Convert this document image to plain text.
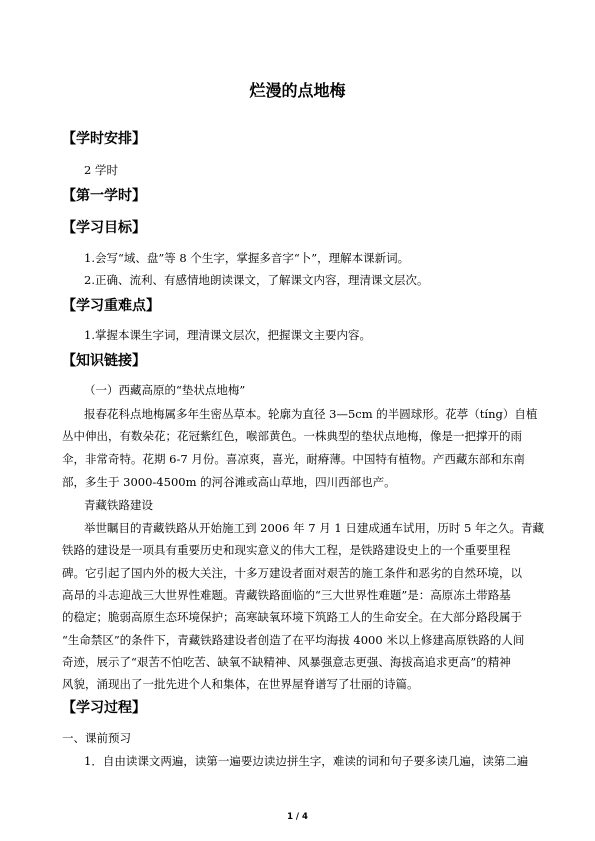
烂漫的点地梅
【学时安排】
2 学时
【第一学时】
【学习目标】
1.会写“域、盘”等 8 个生字，掌握多音字“卜”，理解本课新词。
2.正确、流利、有感情地朗读课文，了解课文内容，理清课文层次。
【学习重难点】
1.掌握本课生字词，理清课文层次，把握课文主要内容。
【知识链接】
（一）西藏高原的“垫状点地梅”
报春花科点地梅属多年生密丛草本。轮廓为直径 3—5cm 的半圆球形。花葶（tíng）自植
丛中伸出，有数朵花；花冠紫红色，喉部黄色。一株典型的垫状点地梅，像是一把撑开的雨
伞，非常奇特。花期 6-7 月份。喜凉爽，喜光，耐瘠薄。中国特有植物。产西藏东部和东南
部，多生于 3000-4500m 的河谷滩或高山草地，四川西部也产。
青藏铁路建设
举世瞩目的青藏铁路从开始施工到 2006 年 7 月 1 日建成通车试用，历时 5 年之久。青藏
铁路的建设是一项具有重要历史和现实意义的伟大工程，是铁路建设史上的一个重要里程
碑。它引起了国内外的极大关注，十多万建设者面对艰苦的施工条件和恶劣的自然环境，以
高昂的斗志迎战三大世界性难题。青藏铁路面临的“三大世界性难题”是：高原冻土带路基
的稳定；脆弱高原生态环境保护；高寒缺氧环境下筑路工人的生命安全。在大部分路段属于
“生命禁区”的条件下，青藏铁路建设者创造了在平均海拔 4000 米以上修建高原铁路的人间
奇迹，展示了“艰苦不怕吃苦、缺氧不缺精神、风暴强意志更强、海拔高追求更高”的精神
风貌，涌现出了一批先进个人和集体，在世界屋脊谱写了壮丽的诗篇。
【学习过程】
一、课前预习
1．自由读课文两遍，读第一遍要边读边拼生字，难读的词和句子要多读几遍，读第二遍
1 / 4
